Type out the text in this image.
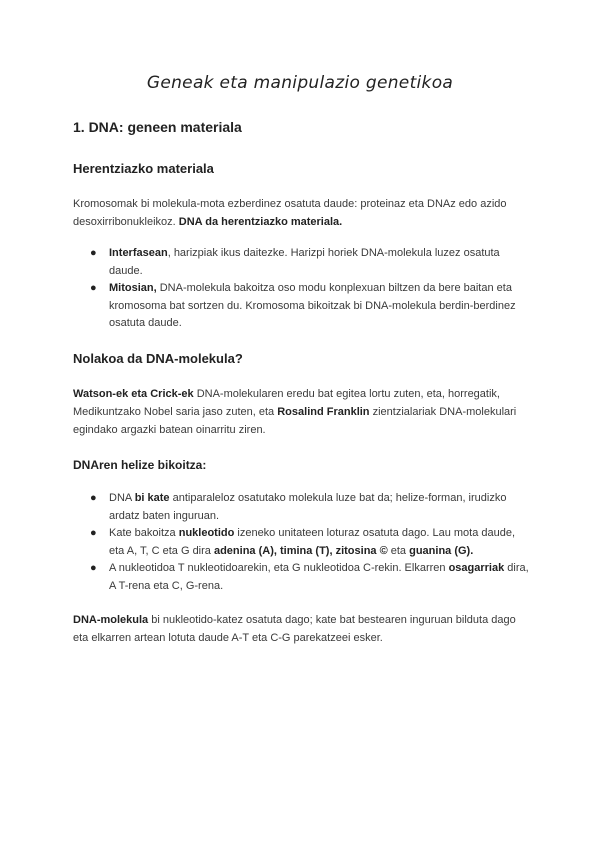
Geneak eta manipulazio genetikoa
1. DNA: geneen materiala
Herentziazko materiala

Kromosomak bi molekula-mota ezberdinez osatuta daude: proteinaz eta DNAz edo azido desoxirribonukleikoz. DNA da herentziazko materiala.

● Interfasean, harizpiak ikus daitezke. Harizpi horiek DNA-molekula luzez osatuta daude.
● Mitosian, DNA-molekula bakoitza oso modu konplexuan biltzen da bere baitan eta kromosoma bat sortzen du. Kromosoma bikoitzak bi DNA-molekula berdin-berdinez osatuta daude.
Nolakoa da DNA-molekula?

Watson-ek eta Crick-ek DNA-molekularen eredu bat egitea lortu zuten, eta, horregatik, Medikuntzako Nobel saria jaso zuten, eta Rosalind Franklin zientzialariak DNA-molekulari egindako argazki batean oinarritu ziren.

DNAren helize bikoitza:
● DNA bi kate antiparaleloz osatutako molekula luze bat da; helize-forman, irudizko ardatz baten inguruan.
● Kate bakoitza nukleotido izeneko unitateen loturaz osatuta dago. Lau mota daude, eta A, T, C eta G dira adenina (A), timina (T), zitosina © eta guanina (G).
● A nukleotidoa T nukleotidoarekin, eta G nukleotidoa C-rekin. Elkarren osagarriak dira, A T-rena eta C, G-rena.

DNA-molekula bi nukleotido-katez osatuta dago; kate bat bestearen inguruan bilduta dago eta elkarren artean lotuta daude A-T eta C-G parekatzeei esker.
